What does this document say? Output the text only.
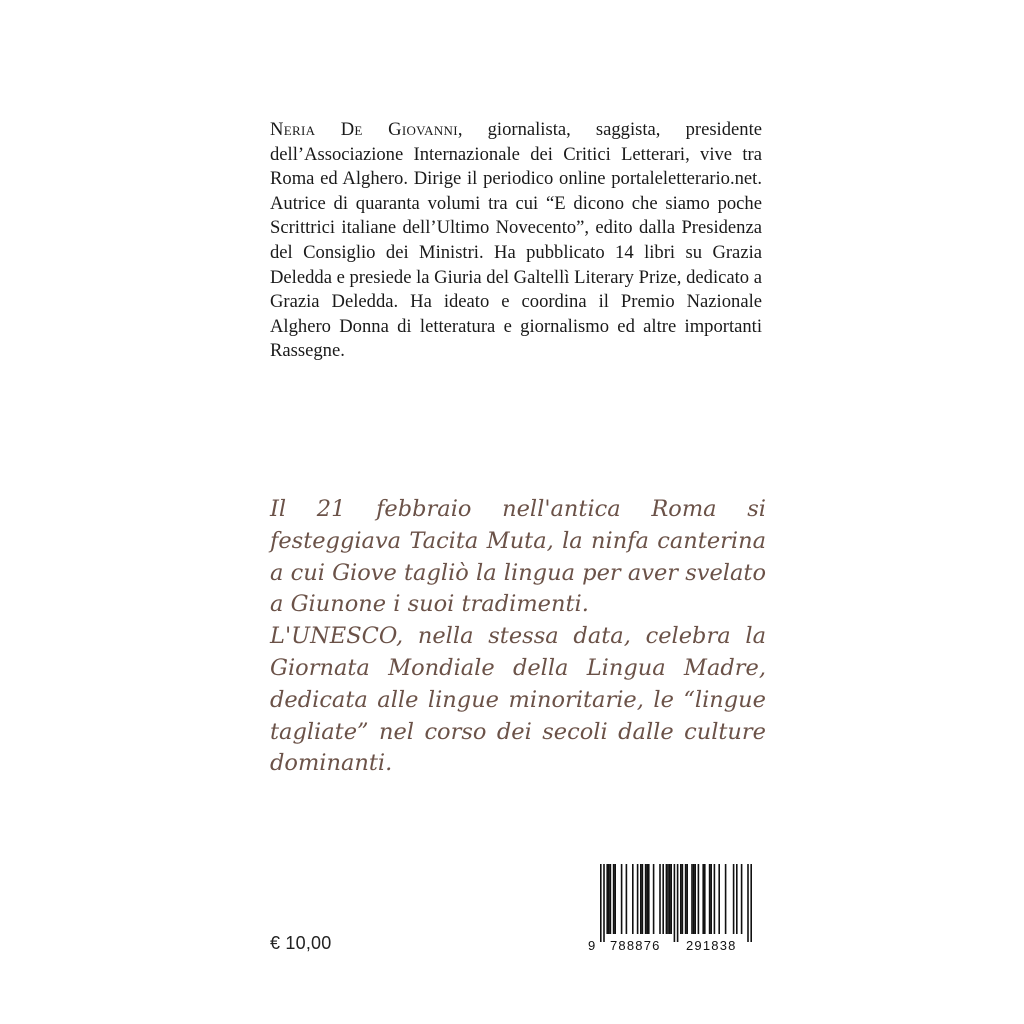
Neria De Giovanni, giornalista, saggista, presidente dell’Associazione Internazionale dei Critici Letterari, vive tra Roma ed Alghero. Dirige il periodico online portaleletterario.net. Autrice di quaranta volumi tra cui “E dicono che siamo poche Scrittrici italiane dell’Ultimo Novecento”, edito dalla Presidenza del Consiglio dei Ministri. Ha pubblicato 14 libri su Grazia Deledda e presiede la Giuria del Galtellì Literary Prize, dedicato a Grazia Deledda. Ha ideato e coordina il Premio Nazionale Alghero Donna di letteratura e giornalismo ed altre importanti Rassegne.

Il 21 febbraio nell'antica Roma si festeggiava Tacita Muta, la ninfa canterina a cui Giove tagliò la lingua per aver svelato a Giunone i suoi tradimenti.

L'UNESCO, nella stessa data, celebra la Giornata Mondiale della Lingua Madre, dedicata alle lingue minoritarie, le “lingue tagliate” nel corso dei secoli dalle culture dominanti.

€ 10,00	9 788876 291838
